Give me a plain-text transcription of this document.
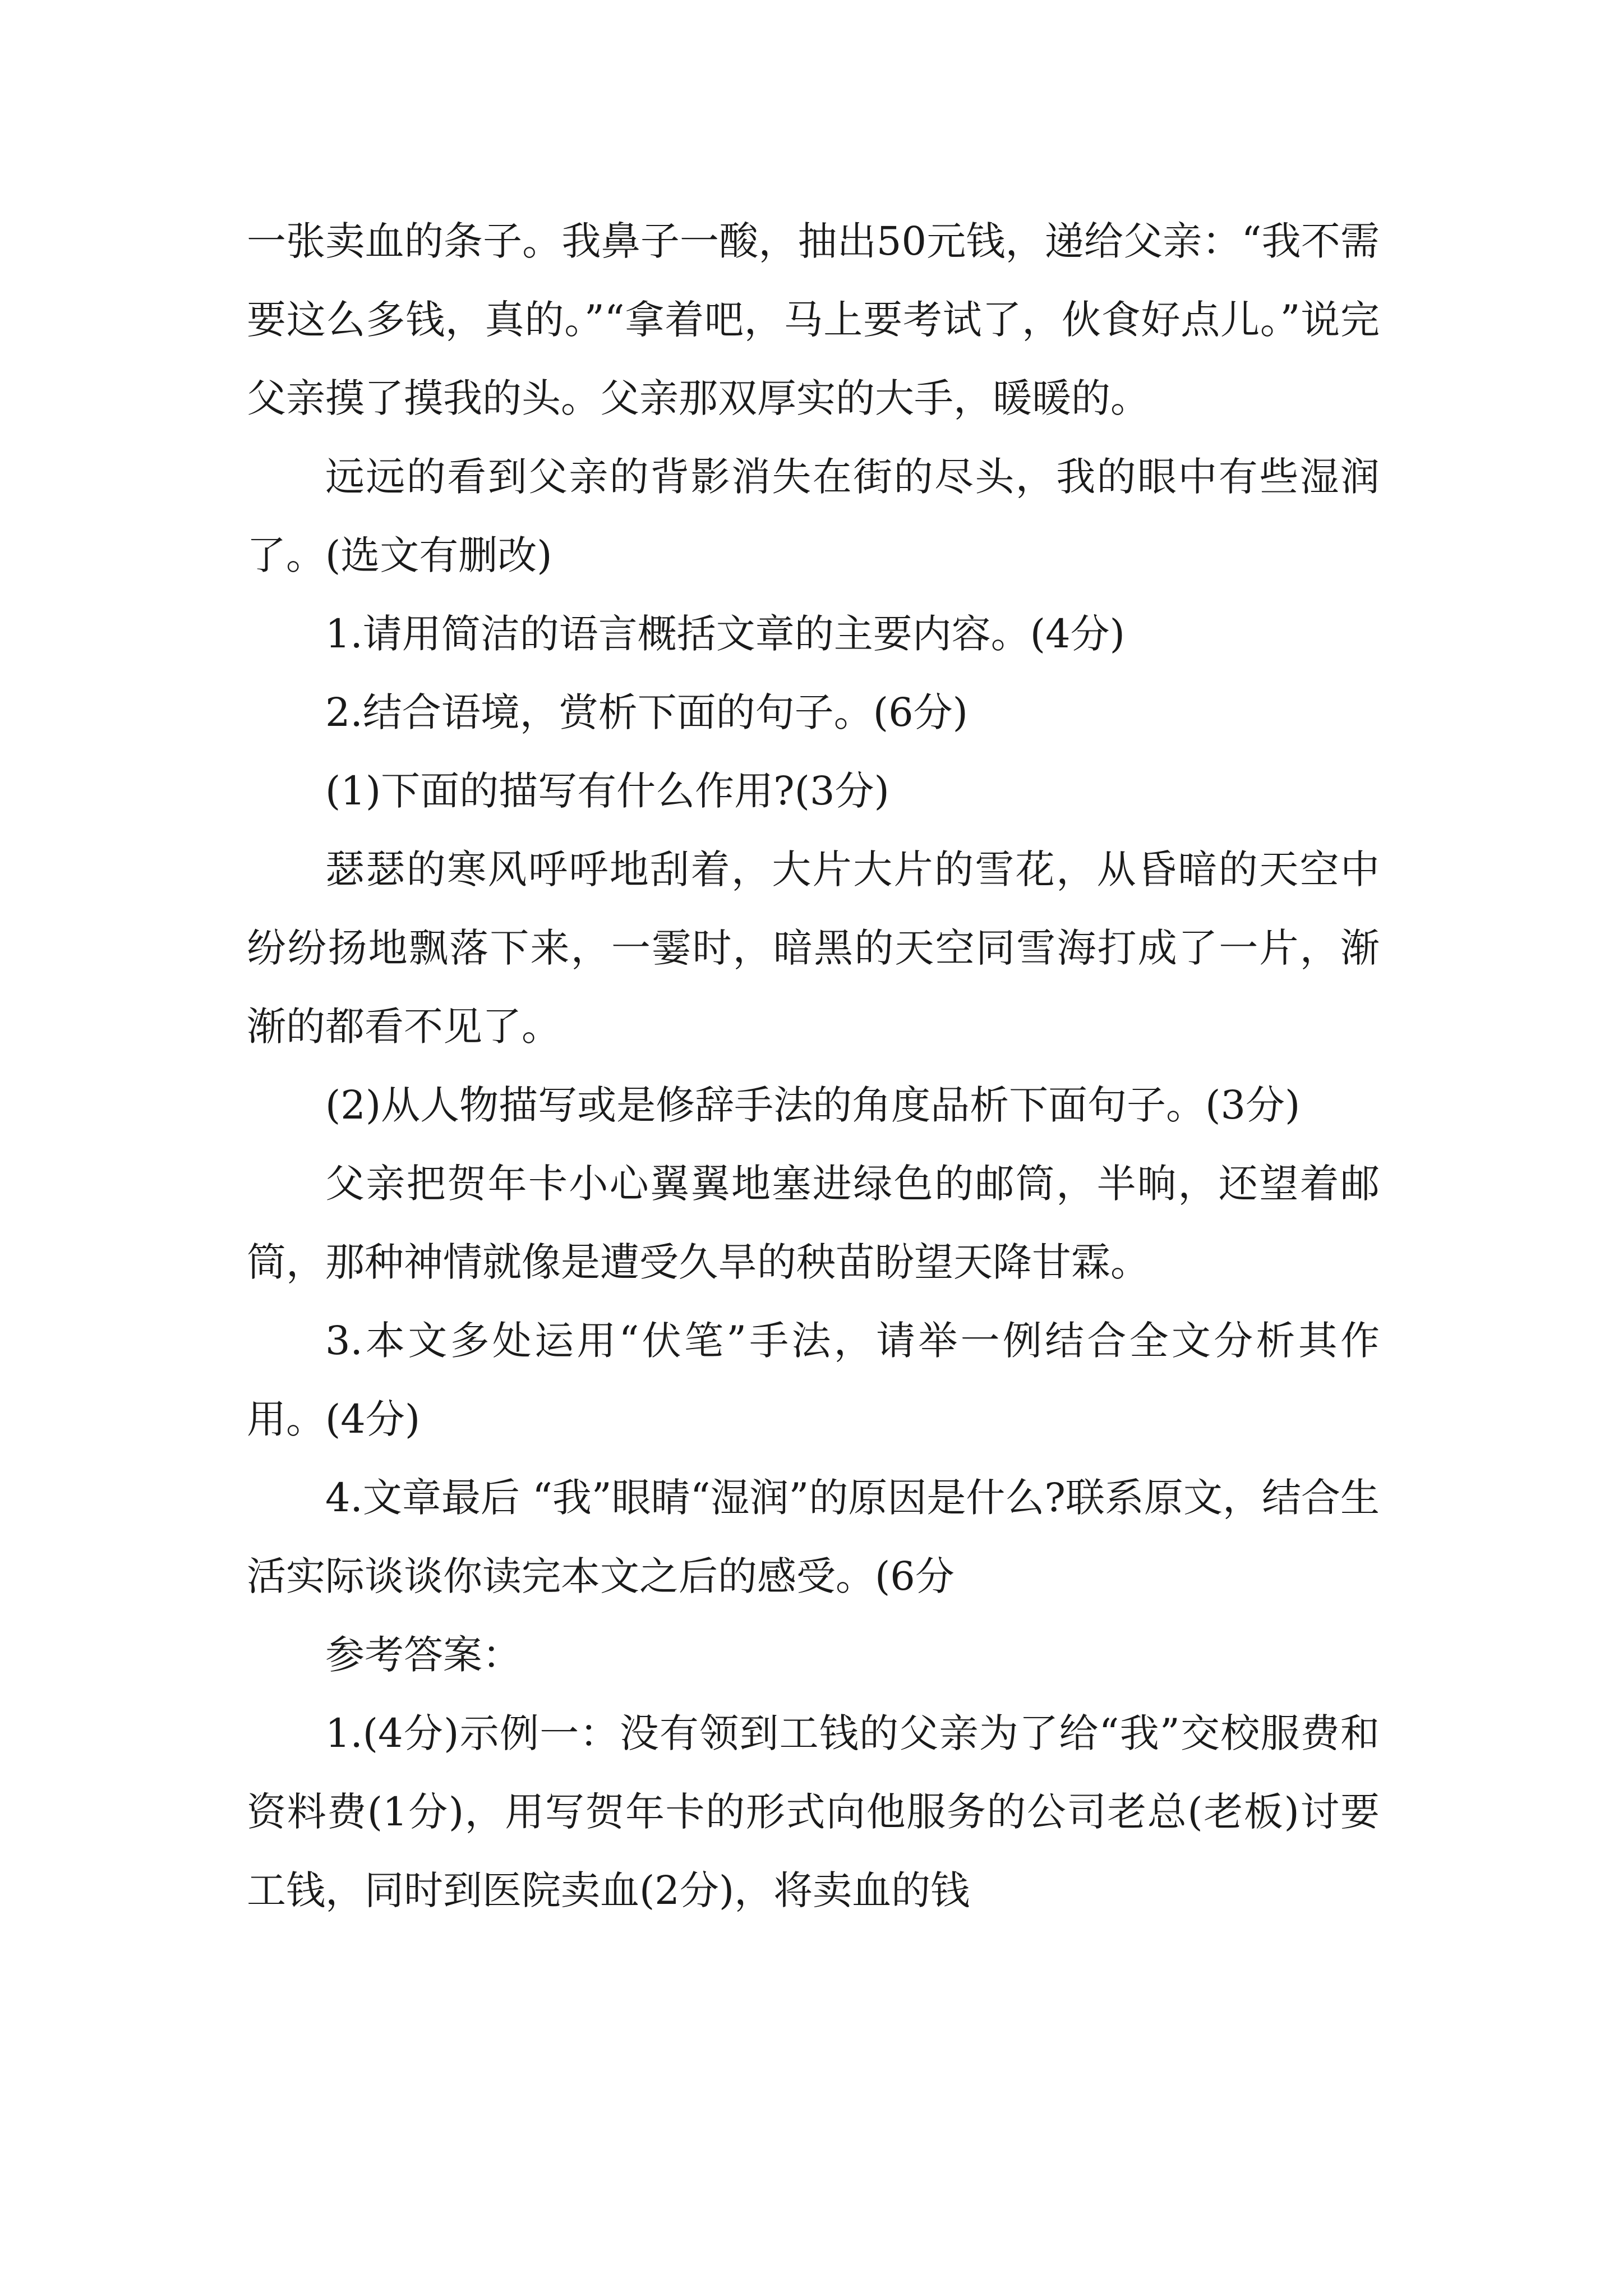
一张卖血的条子。我鼻子一酸，抽出50元钱，递给父亲：“我不需要这么多钱，真的。”“拿着吧，马上要考试了，伙食好点儿。”说完父亲摸了摸我的头。父亲那双厚实的大手，暖暖的。

远远的看到父亲的背影消失在街的尽头，我的眼中有些湿润了。(选文有删改)

1.请用简洁的语言概括文章的主要内容。(4分)

2.结合语境，赏析下面的句子。(6分)

(1)下面的描写有什么作用?(3分)

瑟瑟的寒风呼呼地刮着，大片大片的雪花，从昏暗的天空中纷纷扬地飘落下来，一霎时，暗黑的天空同雪海打成了一片，渐渐的都看不见了。

(2)从人物描写或是修辞手法的角度品析下面句子。(3分)

父亲把贺年卡小心翼翼地塞进绿色的邮筒，半晌，还望着邮筒，那种神情就像是遭受久旱的秧苗盼望天降甘霖。

3.本文多处运用“伏笔”手法，请举一例结合全文分析其作用。(4分)

4.文章最后 “我”眼睛“湿润”的原因是什么?联系原文，结合生活实际谈谈你读完本文之后的感受。(6分

参考答案：

1.(4分)示例一：没有领到工钱的父亲为了给“我”交校服费和资料费(1分)，用写贺年卡的形式向他服务的公司老总(老板)讨要工钱，同时到医院卖血(2分)，将卖血的钱
